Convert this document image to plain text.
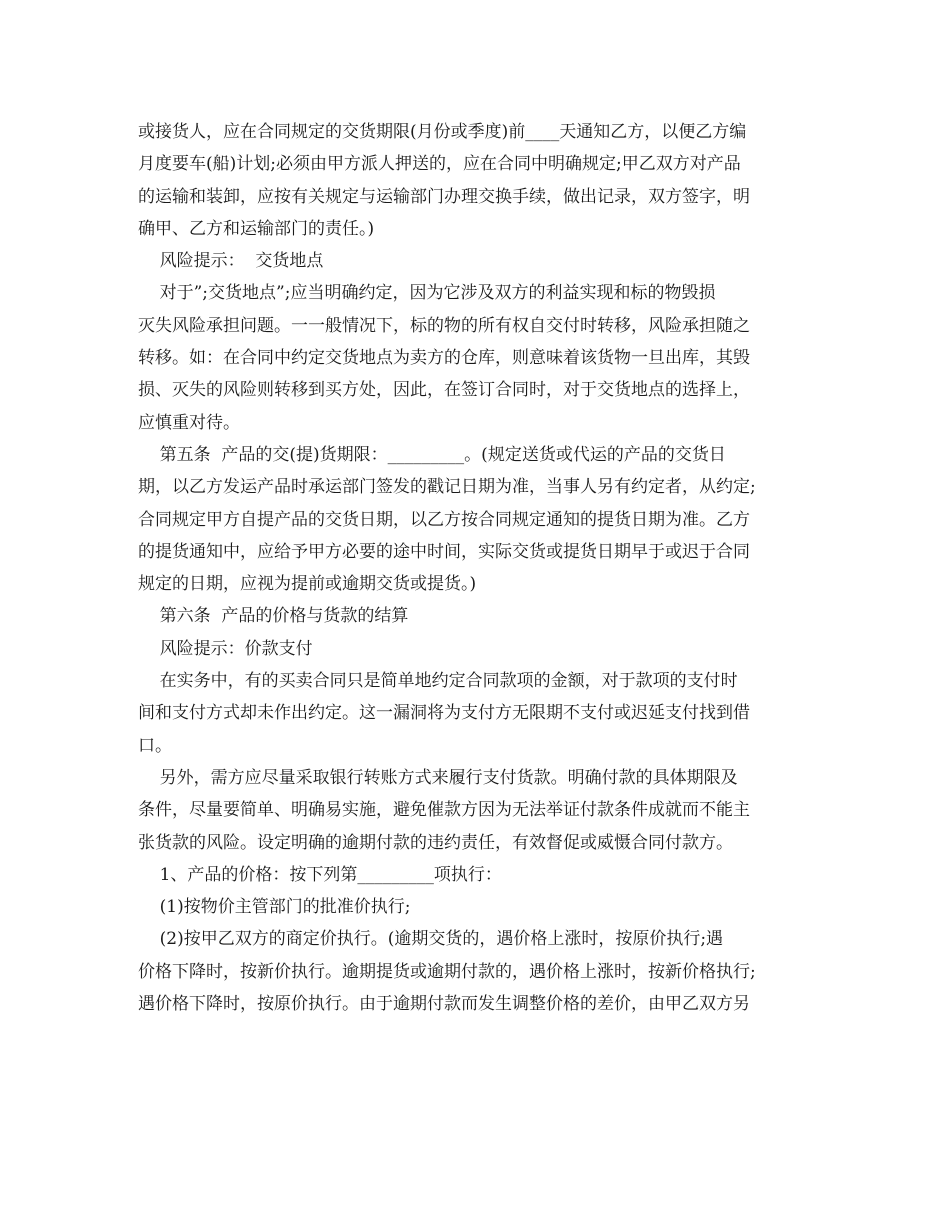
或接货人，应在合同规定的交货期限(月份或季度)前____天通知乙方，以便乙方编
月度要车(船)计划;必须由甲方派人押送的，应在合同中明确规定;甲乙双方对产品
的运输和装卸，应按有关规定与运输部门办理交换手续，做出记录，双方签字，明
确甲、乙方和运输部门的责任。)
风险提示：  交货地点
对于”;交货地点”;应当明确约定，因为它涉及双方的利益实现和标的物毁损
灭失风险承担问题。一一般情况下，标的物的所有权自交付时转移，风险承担随之
转移。如：在合同中约定交货地点为卖方的仓库，则意味着该货物一旦出库，其毁
损、灭失的风险则转移到买方处，因此，在签订合同时，对于交货地点的选择上，
应慎重对待。
第五条  产品的交(提)货期限：_________。(规定送货或代运的产品的交货日
期，以乙方发运产品时承运部门签发的戳记日期为准，当事人另有约定者，从约定;
合同规定甲方自提产品的交货日期，以乙方按合同规定通知的提货日期为准。乙方
的提货通知中，应给予甲方必要的途中时间，实际交货或提货日期早于或迟于合同
规定的日期，应视为提前或逾期交货或提货。)
第六条  产品的价格与货款的结算
风险提示：价款支付
在实务中，有的买卖合同只是简单地约定合同款项的金额，对于款项的支付时
间和支付方式却未作出约定。这一漏洞将为支付方无限期不支付或迟延支付找到借
口。
另外，需方应尽量采取银行转账方式来履行支付货款。明确付款的具体期限及
条件，尽量要简单、明确易实施，避免催款方因为无法举证付款条件成就而不能主
张货款的风险。设定明确的逾期付款的违约责任，有效督促或威慑合同付款方。
1、产品的价格：按下列第_________项执行：
(1)按物价主管部门的批准价执行;
(2)按甲乙双方的商定价执行。(逾期交货的，遇价格上涨时，按原价执行;遇
价格下降时，按新价执行。逾期提货或逾期付款的，遇价格上涨时，按新价格执行;
遇价格下降时，按原价执行。由于逾期付款而发生调整价格的差价，由甲乙双方另
